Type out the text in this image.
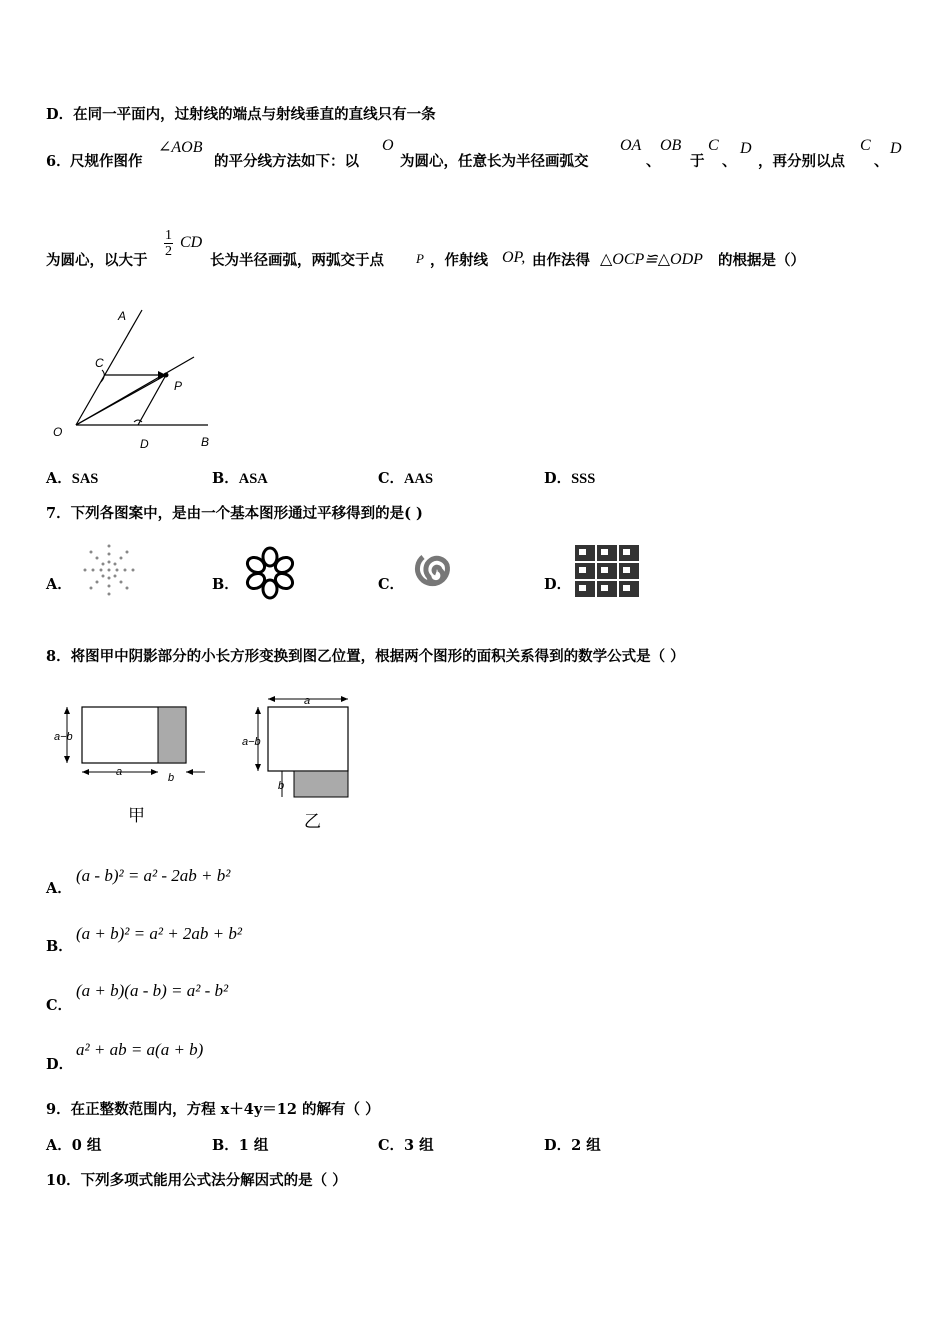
D．在同一平面内，过射线的端点与射线垂直的直线只有一条
6． 尺规作图作
∠AOB
的平分线方法如下：以
O
为圆心，任意长为半径画弧交
OA
、
OB
于
C
、
D
，再分别以点
C
、
D
为圆心，以大于
$\frac{1}{2}$ CD
长为半径画弧，两弧交于点 P ，作射线 OP, 由作法得 △OCP≌△ODP 的根据是（）
A
C
P
O
D	B
A．SAS	B．ASA	C．AAS	D．SSS
7．下列各图案中，是由一个基本图形通过平移得到的是( )
A．	B．	C．	D．
8．将图甲中阴影部分的小长方形变换到图乙位置，根据两个图形的面积关系得到的数学公式是（ ）
a−b
a	b
甲
a
a−b
b
乙
A．
(a - b)² = a² - 2ab + b²
B．
(a + b)² = a² + 2ab + b²
C．
(a + b)(a - b) = a² - b²
D．
a² + ab = a(a + b)
9．在正整数范围内，方程 x＋4y＝12 的解有（ ）
A．0 组	B．1 组	C．3 组	D．2 组
10．下列多项式能用公式法分解因式的是（ ）
